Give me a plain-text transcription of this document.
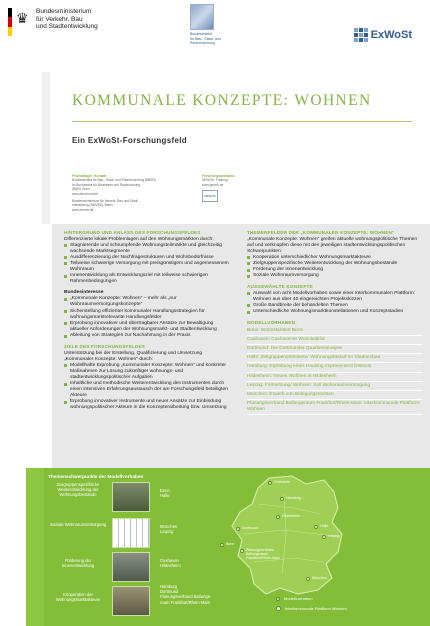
♛	Bundesministerium
für Verkehr, Bau
und Stadtentwicklung
Bundesinstitut
für Bau-, Stadt- und
Raumforschung
ExWoSt
KOMMUNALE KONZEPTE: WOHNEN
Ein ExWoSt-Forschungsfeld
Projektträger / Kontakt
Bundesinstitut für Bau-, Stadt- und Raumforschung (BBSR)
im Bundesamt für Bauwesen und Raumordnung
(BBR), Bonn
www.bbsr.bund.de
Bundesministerium für Verkehr, Bau und Stadt-
entwicklung (BMVBS), Berlin
www.bmvbs.de
Forschungsassistenz
DEWOS, Freiburg
www.gewos.de
DEWOS
HINTERGRUND UND ANLASS DES FORSCHUNGSFELDES
Differenzierte lokale Problemlagen auf den Wohnungsmärkten durch:
Stagnierende und schrumpfende Wohnungsteilmärkte und gleichzeitig wachsende Marktsegmente
Ausdifferenzierung der Nachfragestrukturen und Wohnbedürfnisse
Teilweise schwierige Versorgung mit preisgünstigem und angemessenem Wohnraum
Innenentwicklung als Entwicklungsziel mit teilweise schwierigen Rahmenbedingungen
Bundesinteresse
„Kommunale Konzepte: Wohnen" – mehr als „nur Wohnraumversorgungskonzepte"
Sicherstellung effizienter kommunaler Handlungsstrategien für wohnungsmarktrelevante Handlungsfelder
Erprobung innovativer und übertragbarer Ansätze zur Bewältigung aktueller Anforderungen der Wohnungsmarkt- und Stadtentwicklung
Ableitung von Strategien zur Nachahmung in der Praxis
ZIELE DES FORSCHUNGSFELDES
Unterstützung bei der Erstellung, Qualifizierung und Umsetzung „Kommunaler Konzepte: Wohnen" durch:
Modellhafte Erprobung „Kommunaler Konzepte: Wohnen" und konkreter Maßnahmen zur Lösung zukünftiger wohnungs- und stadtentwicklungspolitischer Aufgaben
Inhaltliche und methodische Weiterentwicklung des Instrumentes durch einen intensiven Erfahrungsaustausch der am Forschungsfeld beteiligten Akteure
Erprobung innovativer Instrumente und neuer Ansätze zur Einbindung wohnungspolitischer Akteure in die Konzepterarbeitung bzw. Umsetzung
THEMENFELDER DER „KOMMUNALEN KONZEPTE: WOHNEN"
„Kommunale Konzepte: Wohnen" greifen aktuelle wohnungspolitische Themen auf und verknüpfen diese mit den jeweiligen stadtentwicklungspolitischen Schwerpunkten:
Kooperation unterschiedlicher Wohnungsmarktakteure
Zielgruppenspezifische Weiterentwicklung der Wohnungsbestände
Förderung der Innenentwicklung
Soziale Wohnraumversorgung
AUSGEWÄHLTE KONZEPTE
Auswahl von acht Modellvorhaben sowie einer Interkommunalen Plattform: Wohnen aus über 40 eingereichten Projektskizzen
Große Bandbreite der behandelten Themen
Unterschiedliche Wohnungsmarktkonstellationen und Konzeptstadien
MODELLVORHABEN:
Bonn: Wohnstandort Bonn
Cuxhaven: Cuxhavener Wohnleitbild
Dortmund: Die Dortmunder Quartiersanalyse
Halle: Zielgruppenorientierter Wohnungsbedarf im Stadtumbau
Hamburg: Erprobung eines Housing Improvement Districts
Hildesheim: Neues Wohnen in Hildesheim
Leipzig: Fortsetzung/ Wohnen: Soll Wohnraumversorgung
München: Erwerb von Belegungsrechten
Planungsverband Ballungsraum Frankfurt/Rhein-Main: Interkommunale Plattform: Wohnen
Themenschwerpunkte der Modellvorhaben
Zielgruppenspezifische Weiterentwicklung der Wohnungsbestände
Bonn
Halle
Soziale Wohnraumversorgung	München
Leipzig
Förderung der Innenentwicklung
Cuxhaven
Hildesheim
Kooperation der Wohnungsmarktakteure
Hamburg
Dortmund
Planungsverband Ballungs-
raum Frankfurt/Rhein-Main
Cuxhaven
Hamburg
Hildesheim
Halle
Dortmund
Leipzig
Planungsverband Ballungsraum Frankfurt/Rhein-Main
Bonn
München
Modellvorhaben
Interkommunale Plattform Wohnen
